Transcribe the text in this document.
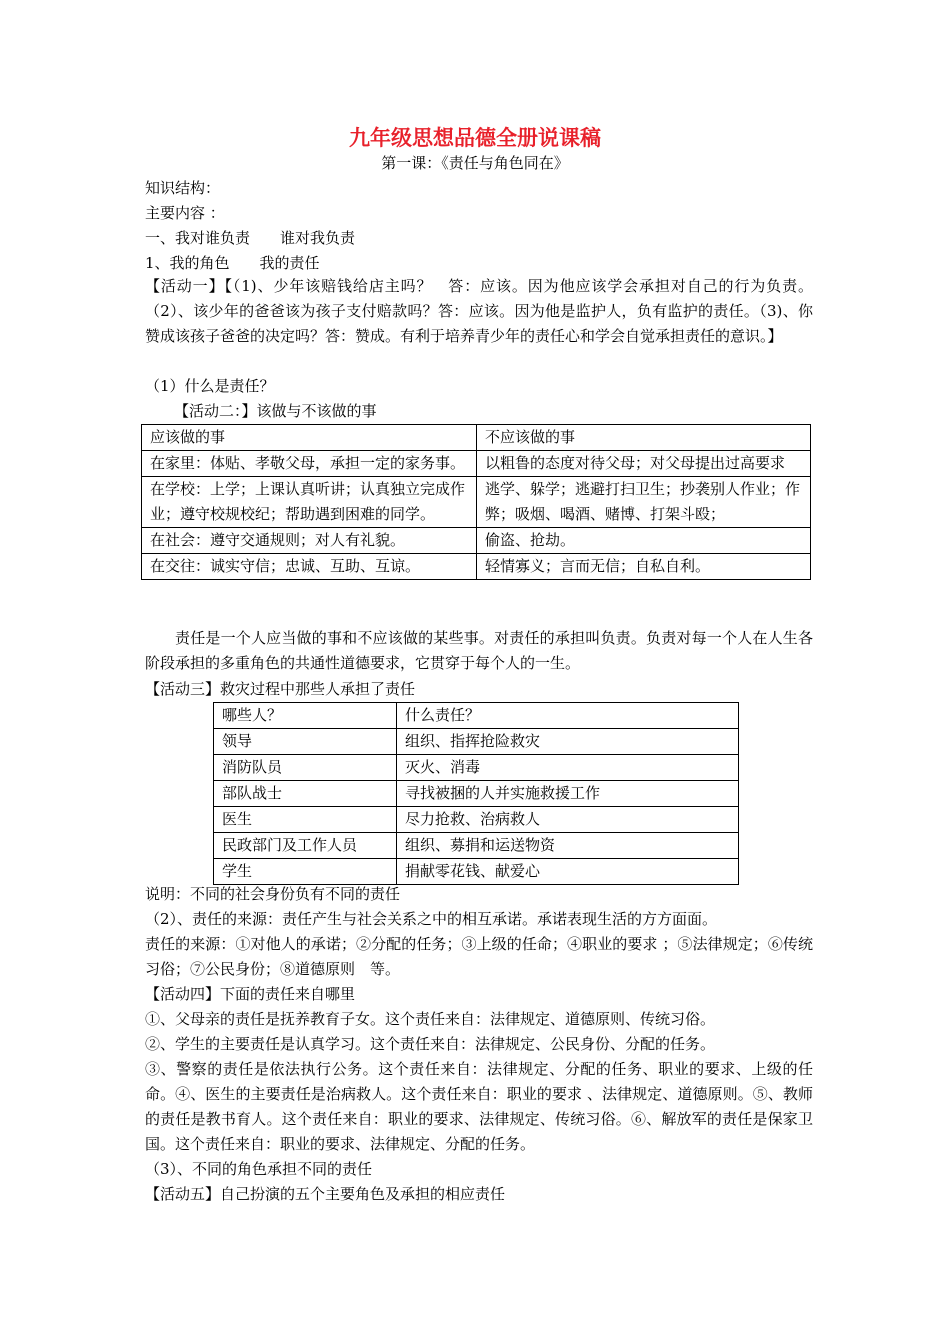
九年级思想品德全册说课稿
第一课：《责任与角色同在》
知识结构：
主要内容 ：
一、我对谁负责　　谁对我负责
1、我的角色　　我的责任
【活动一】【（1)、少年该赔钱给店主吗？　答：应该。因为他应该学会承担对自己的行为负责。（2）、该少年的爸爸该为孩子支付赔款吗？答：应该。因为他是监护人，负有监护的责任。（3)、你赞成该孩子爸爸的决定吗？答：赞成。有利于培养青少年的责任心和学会自觉承担责任的意识。】
（1）什么是责任？
【活动二：】该做与不该做的事
应该做的事	不应该做的事
在家里：体贴、孝敬父母，承担一定的家务事。	以粗鲁的态度对待父母；对父母提出过高要求
在学校：上学；上课认真听讲；认真独立完成作业；遵守校规校纪；帮助遇到困难的同学。	逃学、躲学；逃避打扫卫生；抄袭别人作业；作弊；吸烟、喝酒、赌博、打架斗殴；
在社会：遵守交通规则；对人有礼貌。	偷盗、抢劫。
在交往：诚实守信；忠诚、互助、互谅。	轻情寡义；言而无信；自私自利。
责任是一个人应当做的事和不应该做的某些事。对责任的承担叫负责。负责对每一个人在人生各阶段承担的多重角色的共通性道德要求，它贯穿于每个人的一生。
【活动三】救灾过程中那些人承担了责任
哪些人？	什么责任？
领导	组织、指挥抢险救灾
消防队员	灭火、消毒
部队战士	寻找被捆的人并实施救援工作
医生	尽力抢救、治病救人
民政部门及工作人员	组织、募捐和运送物资
学生	捐献零花钱、献爱心
说明：不同的社会身份负有不同的责任
（2）、责任的来源：责任产生与社会关系之中的相互承诺。承诺表现生活的方方面面。
责任的来源：①对他人的承诺；②分配的任务；③上级的任命；④职业的要求 ；⑤法律规定；⑥传统习俗；⑦公民身份；⑧道德原则　等。
【活动四】下面的责任来自哪里
①、父母亲的责任是抚养教育子女。这个责任来自：法律规定、道德原则、传统习俗。
②、学生的主要责任是认真学习。这个责任来自：法律规定、公民身份、分配的任务。
③、警察的责任是依法执行公务。这个责任来自：法律规定、分配的任务、职业的要求、上级的任命。④、医生的主要责任是治病救人。这个责任来自：职业的要求 、法律规定、道德原则。⑤、教师的责任是教书育人。这个责任来自：职业的要求、法律规定、传统习俗。⑥、解放军的责任是保家卫国。这个责任来自：职业的要求、法律规定、分配的任务。
（3）、不同的角色承担不同的责任
【活动五】自己扮演的五个主要角色及承担的相应责任
